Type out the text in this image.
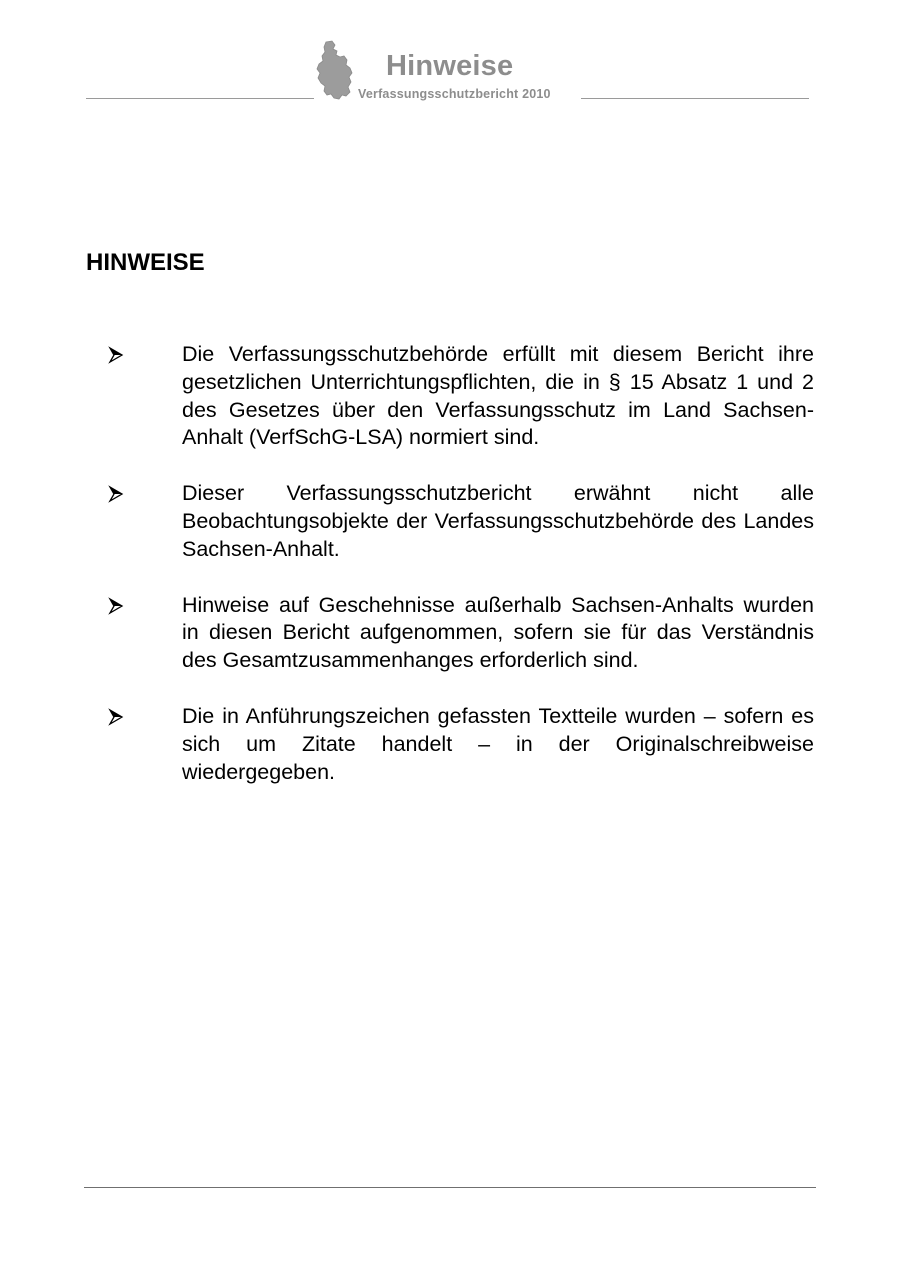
Hinweise
Verfassungsschutzbericht 2010
HINWEISE
Die Verfassungsschutzbehörde erfüllt mit diesem Bericht ihre gesetzlichen Unterrichtungspflichten, die in § 15 Absatz 1 und 2 des Gesetzes über den Verfassungsschutz im Land Sachsen-Anhalt (VerfSchG-LSA) normiert sind.
Dieser Verfassungsschutzbericht erwähnt nicht alle Beobachtungsobjekte der Verfassungsschutzbehörde des Landes Sachsen-Anhalt.
Hinweise auf Geschehnisse außerhalb Sachsen-Anhalts wurden in diesen Bericht aufgenommen, sofern sie für das Verständnis des Gesamtzusammenhanges erforderlich sind.
Die in Anführungszeichen gefassten Textteile wurden – sofern es sich um Zitate handelt – in der Originalschreibweise wiedergegeben.
